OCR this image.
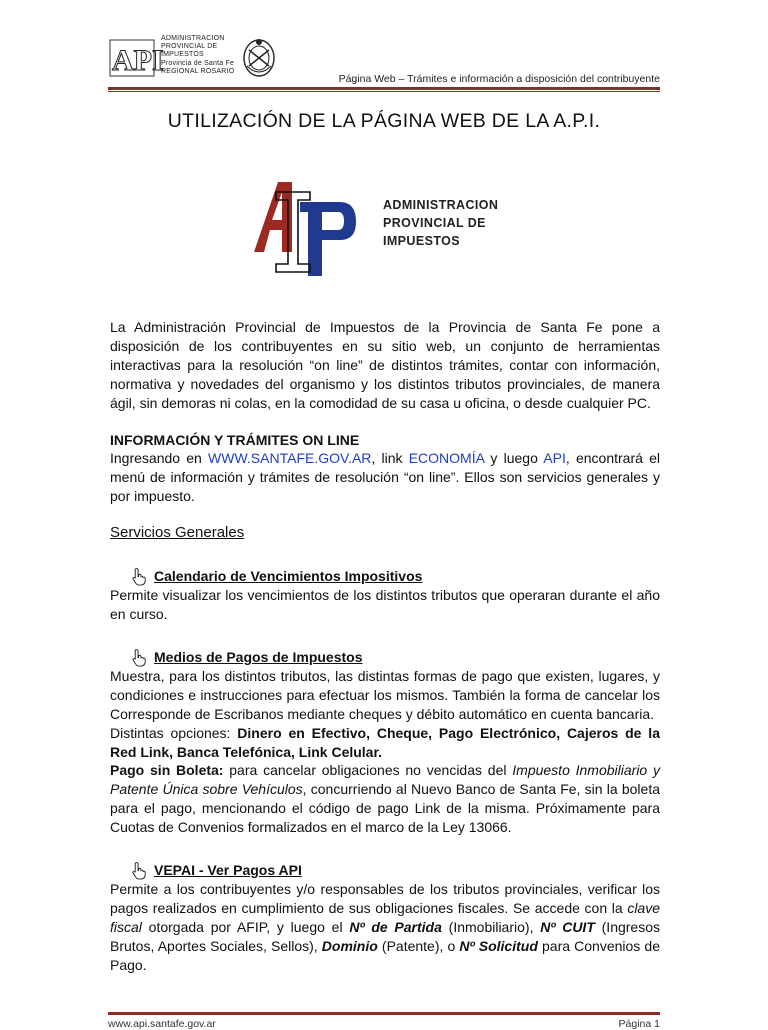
API
ADMINISTRACION
PROVINCIAL DE
IMPUESTOS
Provincia de Santa Fe
REGIONAL ROSARIO
Página Web – Trámites e información a disposición del contribuyente
UTILIZACIÓN DE LA PÁGINA WEB DE LA A.P.I.
ADMINISTRACION
PROVINCIAL DE
IMPUESTOS

La Administración Provincial de Impuestos de la Provincia de Santa Fe pone a disposición de los contribuyentes en su sitio web, un conjunto de herramientas interactivas para la resolución “on line” de distintos trámites, contar con información, normativa y novedades del organismo y los distintos tributos provinciales, de manera ágil, sin demoras ni colas, en la comodidad de su casa u oficina, o desde cualquier PC.

INFORMACIÓN Y TRÁMITES ON LINE

Ingresando en WWW.SANTAFE.GOV.AR, link ECONOMÍA y luego API, encontrará el menú de información y trámites de resolución “on line”. Ellos son servicios generales y por impuesto.

Servicios Generales

Calendario de Vencimientos Impositivos

Permite visualizar los vencimientos de los distintos tributos que operaran durante el año en curso.

Medios de Pagos de Impuestos

Muestra, para los distintos tributos, las distintas formas de pago que existen, lugares, y condiciones e instrucciones para efectuar los mismos. También la forma de cancelar los Corresponde de Escribanos mediante cheques y débito automático en cuenta bancaria.

Distintas opciones: Dinero en Efectivo, Cheque, Pago Electrónico, Cajeros de la Red Link, Banca Telefónica, Link Celular.

Pago sin Boleta: para cancelar obligaciones no vencidas del Impuesto Inmobiliario y Patente Única sobre Vehículos, concurriendo al Nuevo Banco de Santa Fe, sin la boleta para el pago, mencionando el código de pago Link de la misma. Próximamente para Cuotas de Convenios formalizados en el marco de la Ley 13066.

VEPAI - Ver Pagos API

Permite a los contribuyentes y/o responsables de los tributos provinciales, verificar los pagos realizados en cumplimiento de sus obligaciones fiscales. Se accede con la clave fiscal otorgada por AFIP, y luego el Nº de Partida (Inmobiliario), Nº CUIT (Ingresos Brutos, Aportes Sociales, Sellos), Dominio (Patente), o Nº Solicitud para Convenios de Pago.

www.api.santafe.gov.ar	Página 1
